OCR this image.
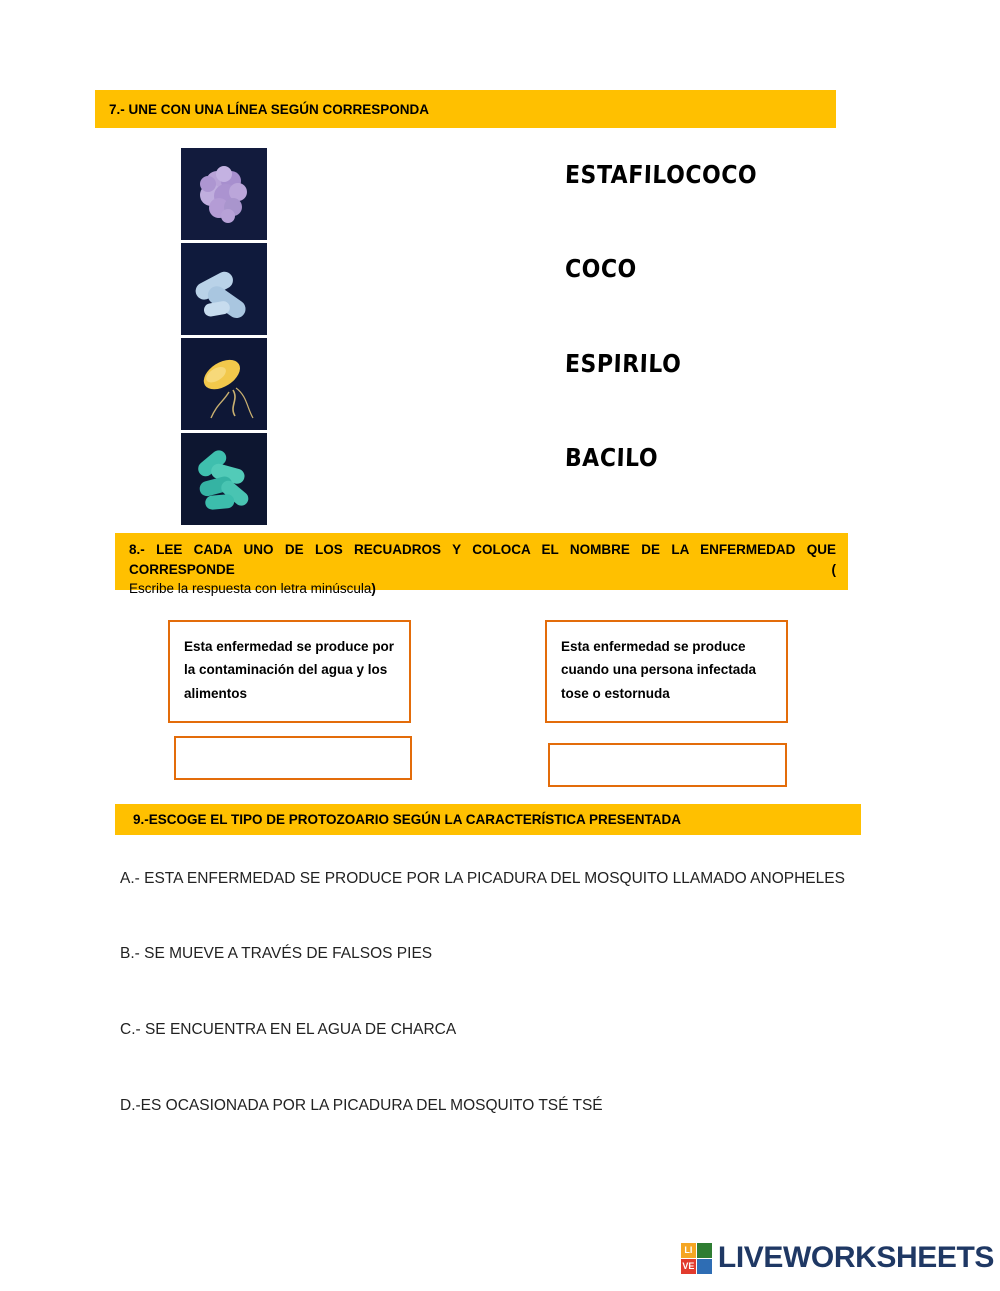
7.- UNE CON UNA LÍNEA SEGÚN CORRESPONDA
ESTAFILOCOCO
COCO
ESPIRILO
BACILO
8.- LEE CADA UNO DE LOS RECUADROS Y COLOCA EL NOMBRE DE LA ENFERMEDAD QUE CORRESPONDE (
Escribe la respuesta con letra minúscula)
Esta enfermedad se produce por la contaminación del agua y los alimentos
Esta enfermedad se produce cuando una persona infectada tose o estornuda
9.-ESCOGE EL TIPO DE PROTOZOARIO SEGÚN LA CARACTERÍSTICA PRESENTADA
A.- ESTA ENFERMEDAD SE PRODUCE POR LA PICADURA DEL MOSQUITO LLAMADO ANOPHELES
B.- SE MUEVE A TRAVÉS DE FALSOS PIES
C.- SE ENCUENTRA EN EL AGUA DE CHARCA
D.-ES OCASIONADA POR LA PICADURA DEL MOSQUITO TSÉ TSÉ
LI
VE LIVEWORKSHEETS
